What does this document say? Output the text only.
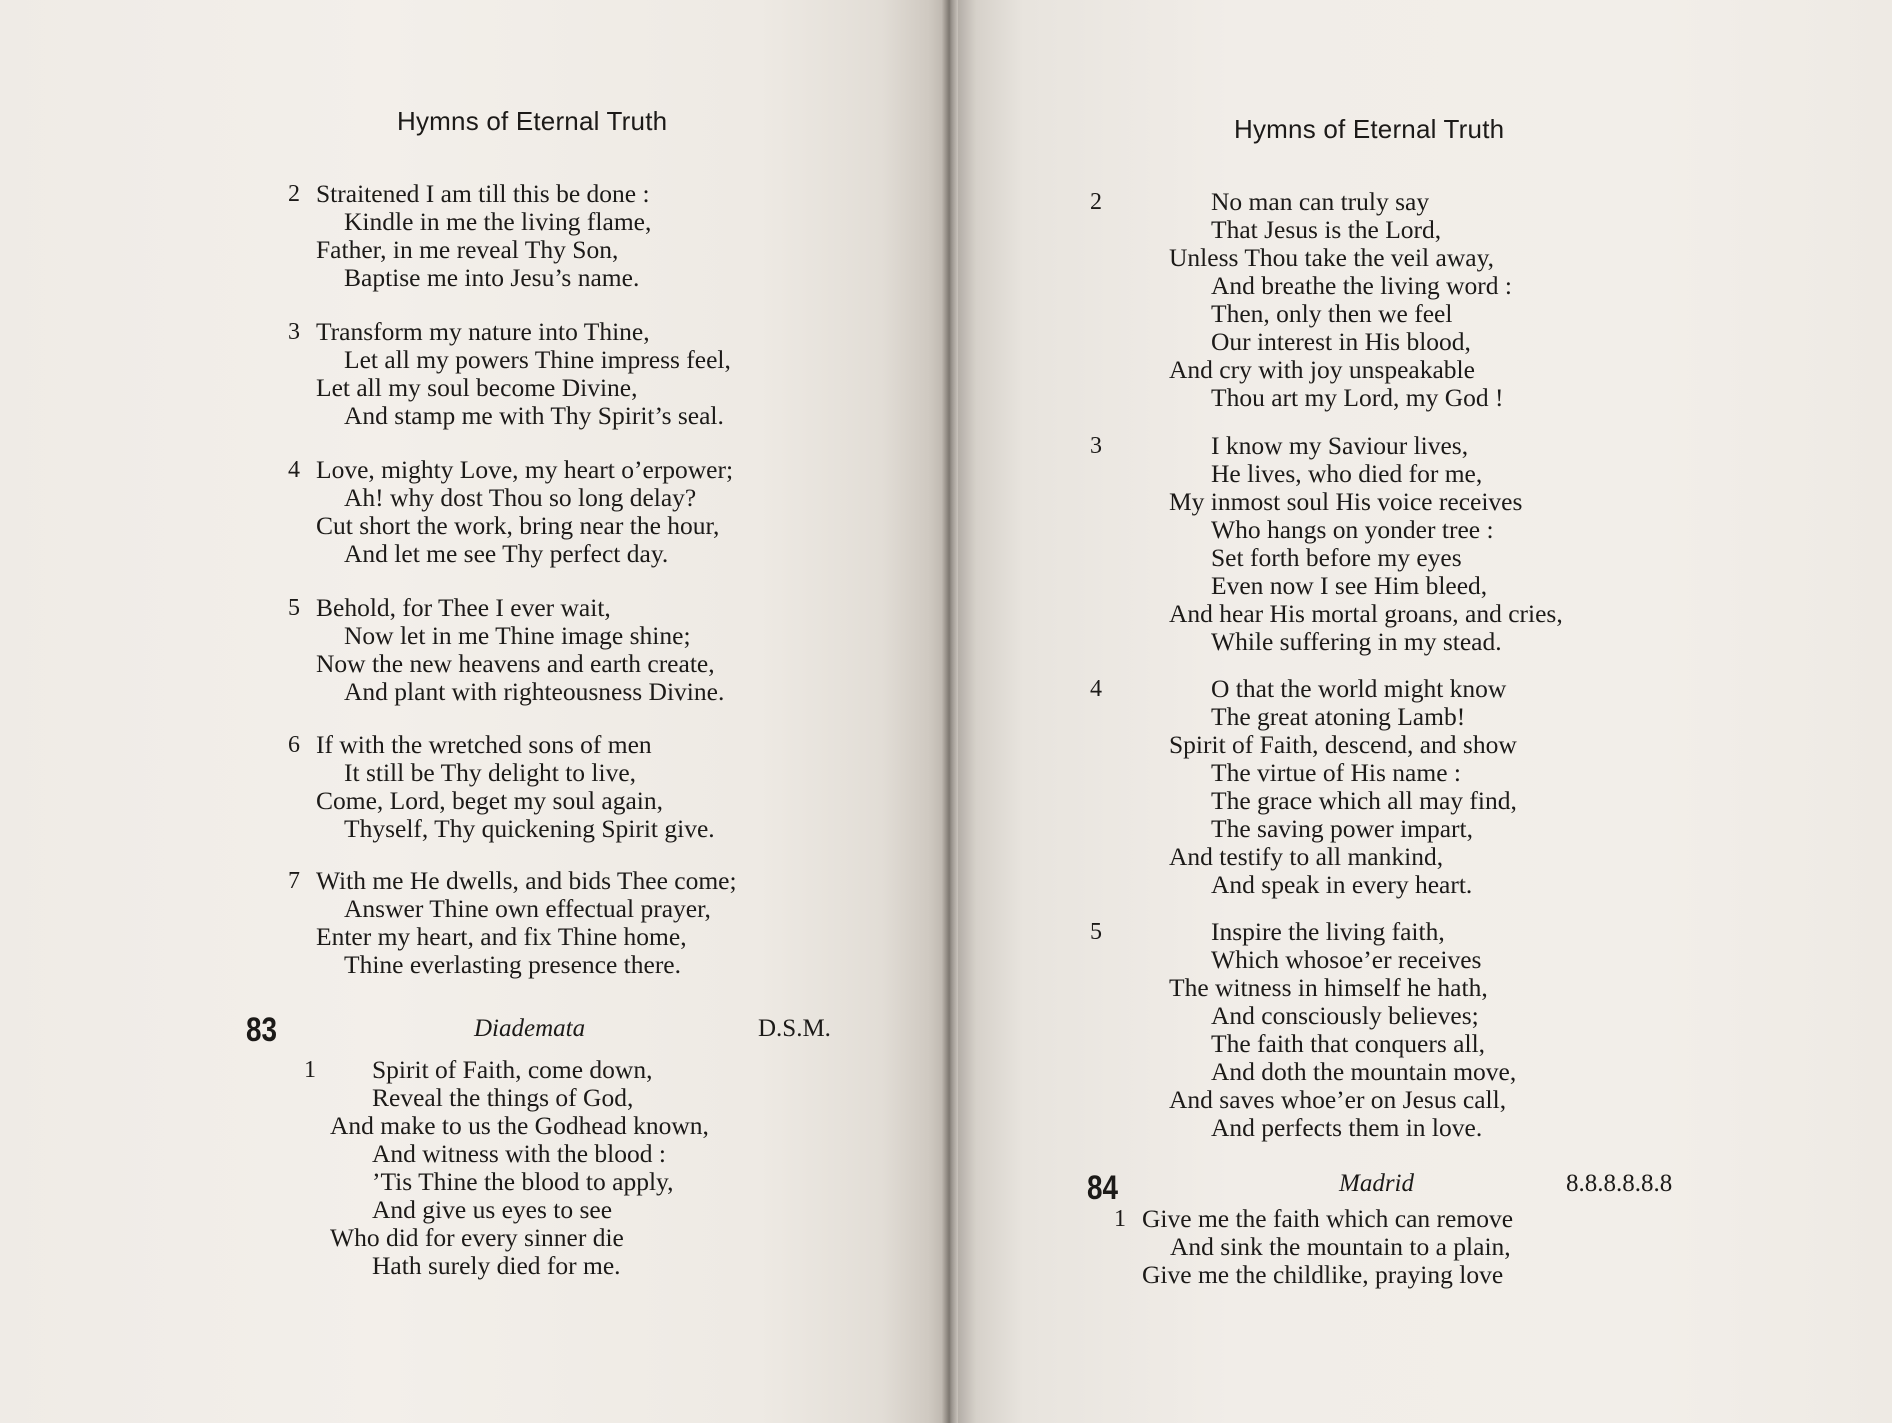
Hymns of Eternal Truth
2 Straitened I am till this be done :
Kindle in me the living flame,
Father, in me reveal Thy Son,
Baptise me into Jesu’s name.
3 Transform my nature into Thine,
Let all my powers Thine impress feel,
Let all my soul become Divine,
And stamp me with Thy Spirit’s seal.
4 Love, mighty Love, my heart o’erpower;
Ah! why dost Thou so long delay?
Cut short the work, bring near the hour,
And let me see Thy perfect day.
5 Behold, for Thee I ever wait,
Now let in me Thine image shine;
Now the new heavens and earth create,
And plant with righteousness Divine.
6 If with the wretched sons of men
It still be Thy delight to live,
Come, Lord, beget my soul again,
Thyself, Thy quickening Spirit give.
7 With me He dwells, and bids Thee come;
Answer Thine own effectual prayer,
Enter my heart, and fix Thine home,
Thine everlasting presence there.
83	Diademata	D.S.M.
1	Spirit of Faith, come down,
Reveal the things of God,
And make to us the Godhead known,
And witness with the blood :
’Tis Thine the blood to apply,
And give us eyes to see
Who did for every sinner die
Hath surely died for me.
Hymns of Eternal Truth
2	No man can truly say
That Jesus is the Lord,
Unless Thou take the veil away,
And breathe the living word :
Then, only then we feel
Our interest in His blood,
And cry with joy unspeakable
Thou art my Lord, my God !
3	I know my Saviour lives,
He lives, who died for me,
My inmost soul His voice receives
Who hangs on yonder tree :
Set forth before my eyes
Even now I see Him bleed,
And hear His mortal groans, and cries,
While suffering in my stead.
4	O that the world might know
The great atoning Lamb!
Spirit of Faith, descend, and show
The virtue of His name :
The grace which all may find,
The saving power impart,
And testify to all mankind,
And speak in every heart.
5	Inspire the living faith,
Which whosoe’er receives
The witness in himself he hath,
And consciously believes;
The faith that conquers all,
And doth the mountain move,
And saves whoe’er on Jesus call,
And perfects them in love.
84	Madrid	8.8.8.8.8.8
1 Give me the faith which can remove
And sink the mountain to a plain,
Give me the childlike, praying love
